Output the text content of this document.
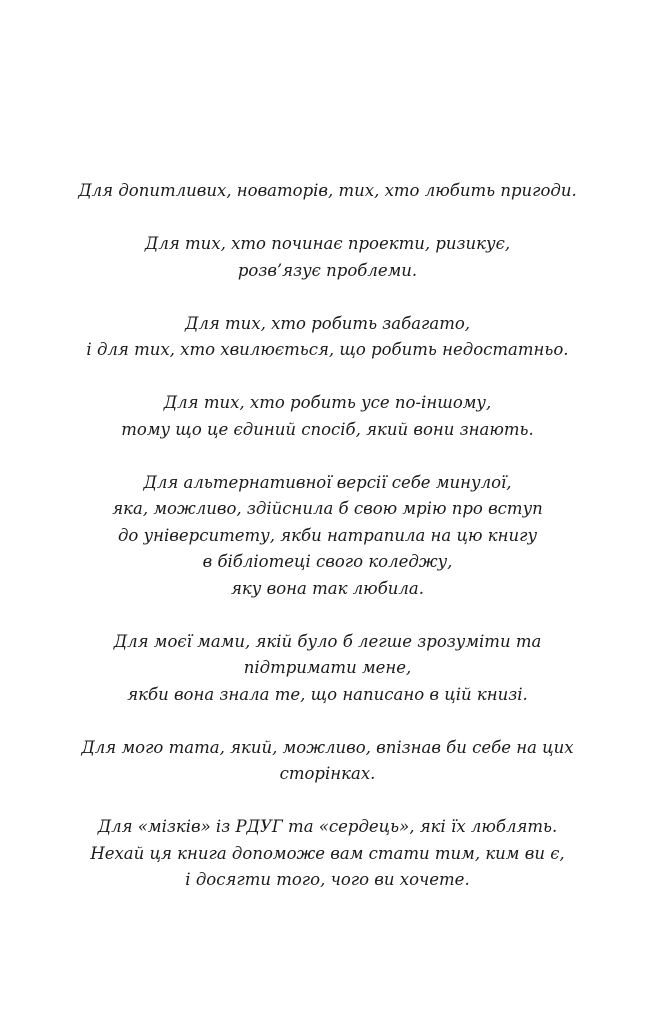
Для допитливих, новаторів, тих, хто любить пригоди.
Для тих, хто починає проекти, ризикує,
розв’язує проблеми.
Для тих, хто робить забагато,
і для тих, хто хвилюється, що робить недостатньо.
Для тих, хто робить усе по-іншому,
тому що це єдиний спосіб, який вони знають.
Для альтернативної версії себе минулої,
яка, можливо, здійснила б свою мрію про вступ
до університету, якби натрапила на цю книгу
в бібліотеці свого коледжу,
яку вона так любила.
Для моєї мами, якій було б легше зрозуміти та
підтримати мене,
якби вона знала те, що написано в цій книзі.
Для мого тата, який, можливо, впізнав би себе на цих
сторінках.
Для «мізків» із РДУГ та «сердець», які їх люблять.
Нехай ця книга допоможе вам стати тим, ким ви є,
і досягти того, чого ви хочете.
